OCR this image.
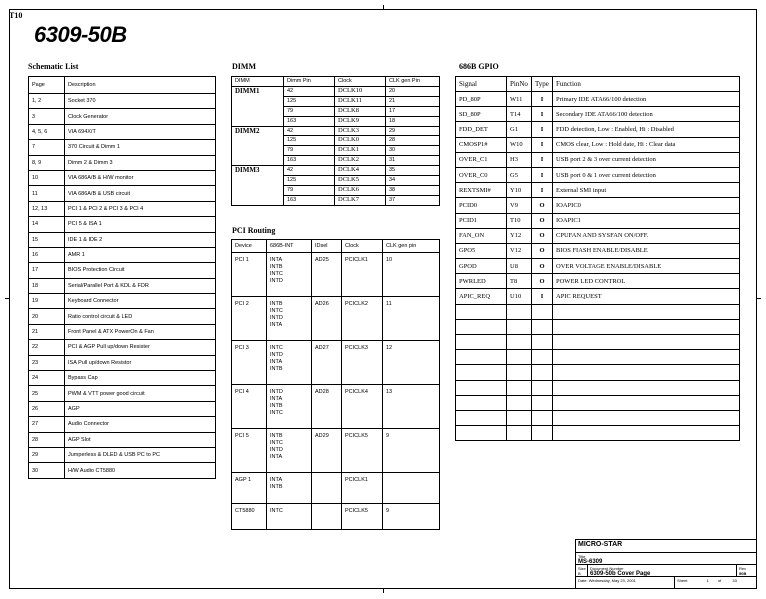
T10
6309-50B
Schematic List
Page	Description
1, 2	Socket 370
3	Clock Generator
4, 5, 6	VIA 694X/T
7	370 Circuit & Dimm 1
8, 9	Dimm 2 & Dimm 3
10	VIA 686A/B & H/W monitor
11	VIA 686A/B & USB circuit
12, 13	PCI 1 & PCI 2 & PCI 3 & PCI 4
14	PCI 5 & ISA 1
15	IDE 1 & IDE 2
16	AMR 1
17	BIOS Protection Circuit
18	Serial/Parallel Port & KDL & FDR
19	Keyboard Connector
20	Ratio control circuit & LED
21	Front Panel & ATX PowerOn & Fan
22	PCI & AGP Pull up/down Resister
23	ISA Pull up/down Resistor
24	Bypass Cap
25	PWM & VTT power good circuit
26	AGP
27	Audio Connector
28	AGP Slot
29	Jumperless & DLED & USB PC to PC
30	H/W Audio CT5880
DIMM
DIMM	Dimm Pin	Clock	CLK gen Pin
DIMM1	42	DCLK10	20
	125	DCLK11	21
	79	DCLK8	17
	163	DCLK9	18
DIMM2	42	DCLK3	29
	125	DCLK0	28
	79	DCLK1	30
	163	DCLK2	31
DIMM3	42	DCLK4	35
	125	DCLK5	34
	79	DCLK6	38
	163	DCLK7	37
PCI Routing
Device	686B-INT	IDsel	Clock	CLK gen pin
PCI 1	INTA
INTB
INTC
INTD	AD25	PCICLK1	10
PCI 2	INTB
INTC
INTD
INTA	AD26	PCICLK2	11
PCI 3	INTC
INTD
INTA
INTB	AD27	PCICLK3	12
PCI 4	INTD
INTA
INTB
INTC	AD28	PCICLK4	13
PCI 5	INTB
INTC
INTD
INTA	AD29	PCICLK5	9
AGP 1	INTA
INTB		PCICLK1	
CT5880	INTC		PCICLK5	9
686B GPIO
Signal	PinNo	Type	Function
PD_80P	W11	I	Primary IDE ATA66/100 detection
SD_80P	T14	I	Secondary IDE ATA66/100 detection
FDD_DET	G1	I	FDD detection, Low : Enabled, Hi : Disabled
CMOSP1#	W10	I	CMOS clear, Low : Hold date, Hi : Clear data
OVER_C1	H3	I	USB port 2 & 3 over current detection
OVER_C0	G5	I	USB port 0 & 1 over current detection
REXTSMI#	Y10	I	External SMI input
PCID0	V9	O	IOAPIC0
PCID1	T10	O	IOAPIC1
FAN_ON	Y12	O	CPUFAN AND SYSFAN ON/OFF.
GPO5	V12	O	BIOS FIASH ENABLE/DISABLE
GPOD	U8	O	OVER VOLTAGE ENABLE/DISABLE
PWRLED	T8	O	POWER LED CONTROL
APIC_REQ	U10	I	APIC REQUEST

MICRO-STAR
Title
MS-6309
Size
B
Document Number
6309-50b Cover Page
Rev
50B
Date: Wednesday, May 23, 2001	Sheet	1 of	33
